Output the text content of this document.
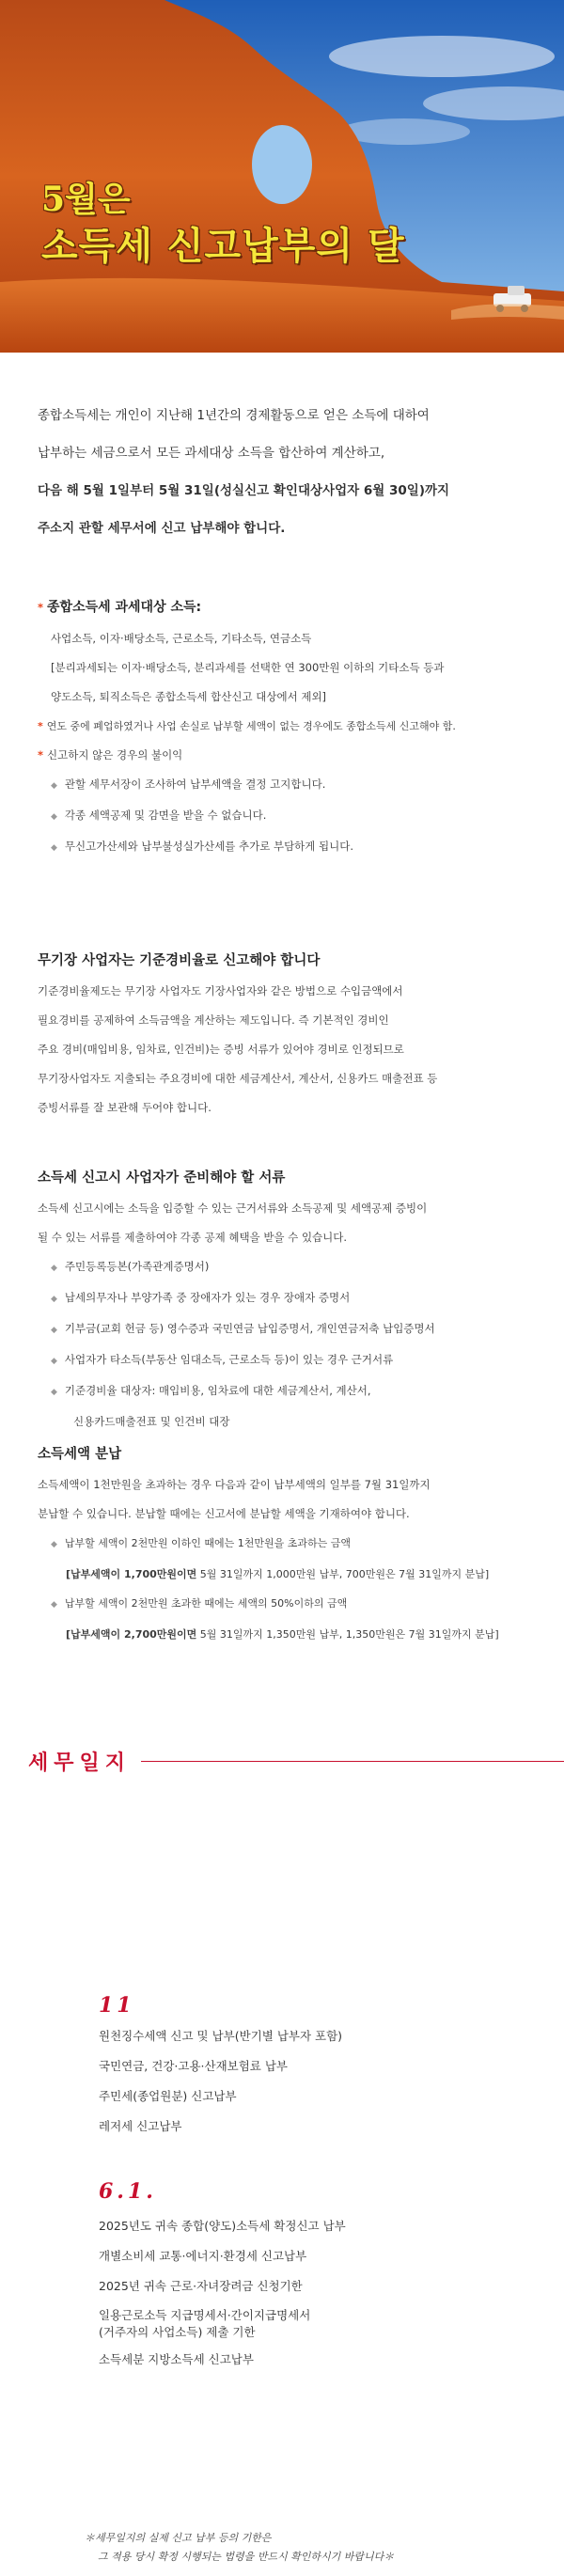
5월은
소득세 신고납부의 달
종합소득세는 개인이 지난해 1년간의 경제활동으로 얻은 소득에 대하여
납부하는 세금으로서 모든 과세대상 소득을 합산하여 계산하고,
다음 해 5월 1일부터 5월 31일(성실신고 확인대상사업자 6월 30일)까지
주소지 관할 세무서에 신고 납부해야 합니다.
* 종합소득세 과세대상 소득:
사업소득, 이자·배당소득, 근로소득, 기타소득, 연금소득
[분리과세되는 이자·배당소득, 분리과세를 선택한 연 300만원 이하의 기타소득 등과
양도소득, 퇴직소득은 종합소득세 합산신고 대상에서 제외]
* 연도 중에 폐업하였거나 사업 손실로 납부할 세액이 없는 경우에도 종합소득세 신고해야 함.
* 신고하지 않은 경우의 불이익
◆ 관할 세무서장이 조사하여 납부세액을 결정 고지합니다.
◆ 각종 세액공제 및 감면을 받을 수 없습니다.
◆ 무신고가산세와 납부불성실가산세를 추가로 부담하게 됩니다.
무기장 사업자는 기준경비율로 신고해야 합니다
기준경비율제도는 무기장 사업자도 기장사업자와 같은 방법으로 수입금액에서
필요경비를 공제하여 소득금액을 계산하는 제도입니다. 즉 기본적인 경비인
주요 경비(매입비용, 임차료, 인건비)는 증빙 서류가 있어야 경비로 인정되므로
무기장사업자도 지출되는 주요경비에 대한 세금계산서, 계산서, 신용카드 매출전표 등
증빙서류를 잘 보관해 두어야 합니다.
소득세 신고시 사업자가 준비해야 할 서류
소득세 신고시에는 소득을 입증할 수 있는 근거서류와 소득공제 및 세액공제 증빙이
될 수 있는 서류를 제출하여야 각종 공제 혜택을 받을 수 있습니다.
◆ 주민등록등본(가족관계증명서)
◆ 납세의무자나 부양가족 중 장애자가 있는 경우 장애자 증명서
◆ 기부금(교회 헌금 등) 영수증과 국민연금 납입증명서, 개인연금저축 납입증명서
◆ 사업자가 타소득(부동산 임대소득, 근로소득 등)이 있는 경우 근거서류
◆ 기준경비율 대상자: 매입비용, 임차료에 대한 세금계산서, 계산서,
신용카드매출전표 및 인건비 대장
소득세액 분납
소득세액이 1천만원을 초과하는 경우 다음과 같이 납부세액의 일부를 7월 31일까지
분납할 수 있습니다. 분납할 때에는 신고서에 분납할 세액을 기재하여야 합니다.
◆ 납부할 세액이 2천만원 이하인 때에는 1천만원을 초과하는 금액
[납부세액이 1,700만원이면 5월 31일까지 1,000만원 납부, 700만원은 7월 31일까지 분납]
◆ 납부할 세액이 2천만원 초과한 때에는 세액의 50%이하의 금액
[납부세액이 2,700만원이면 5월 31일까지 1,350만원 납부, 1,350만원은 7월 31일까지 분납]
세무일지
11
원천징수세액 신고 및 납부(반기별 납부자 포함)
국민연금, 건강·고용·산재보험료 납부
주민세(종업원분) 신고납부
레저세 신고납부
6.1.
2025년도 귀속 종합(양도)소득세 확정신고 납부
개별소비세 교통·에너지·환경세 신고납부
2025년 귀속 근로·자녀장려금 신청기한
일용근로소득 지급명세서·간이지급명세서
(거주자의 사업소득) 제출 기한
소득세분 지방소득세 신고납부
＊세무일지의 실제 신고 납부 등의 기한은
그 적용 당시 확정 시행되는 법령을 반드시 확인하시기 바랍니다＊
